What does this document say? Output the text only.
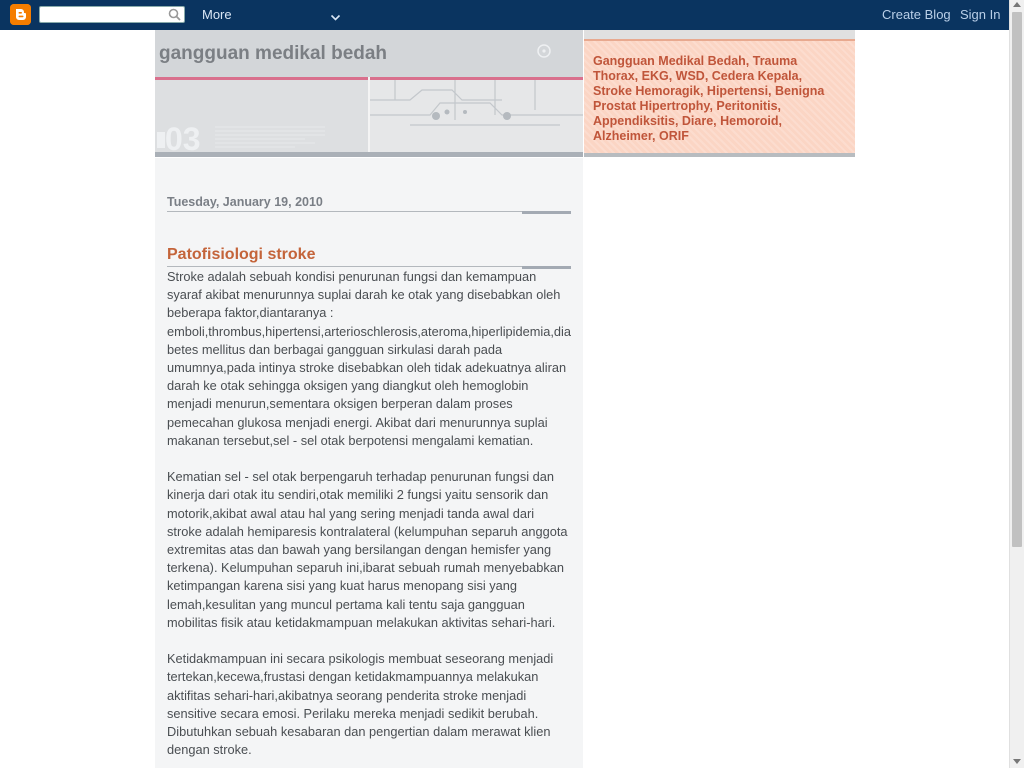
More	Create Blog Sign In
03
gangguan medikal bedah	Gangguan Medikal Bedah, Trauma Thorax, EKG, WSD, Cedera Kepala, Stroke Hemoragik, Hipertensi, Benigna Prostat Hipertrophy, Peritonitis, Appendiksitis, Diare, Hemoroid, Alzheimer, ORIF
Tuesday, January 19, 2010
Patofisiologi stroke

Stroke adalah sebuah kondisi penurunan fungsi dan kemampuan syaraf akibat menurunnya suplai darah ke otak yang disebabkan oleh beberapa faktor,diantaranya : emboli,thrombus,hipertensi,arterioschlerosis,ateroma,hiperlipidemia,diabetes mellitus dan berbagai gangguan sirkulasi darah pada umumnya,pada intinya stroke disebabkan oleh tidak adekuatnya aliran darah ke otak sehingga oksigen yang diangkut oleh hemoglobin menjadi menurun,sementara oksigen berperan dalam proses pemecahan glukosa menjadi energi. Akibat dari menurunnya suplai makanan tersebut,sel - sel otak berpotensi mengalami kematian.

Kematian sel - sel otak berpengaruh terhadap penurunan fungsi dan kinerja dari otak itu sendiri,otak memiliki 2 fungsi yaitu sensorik dan motorik,akibat awal atau hal yang sering menjadi tanda awal dari stroke adalah hemiparesis kontralateral (kelumpuhan separuh anggota extremitas atas dan bawah yang bersilangan dengan hemisfer yang terkena). Kelumpuhan separuh ini,ibarat sebuah rumah menyebabkan ketimpangan karena sisi yang kuat harus menopang sisi yang lemah,kesulitan yang muncul pertama kali tentu saja gangguan mobilitas fisik atau ketidakmampuan melakukan aktivitas sehari-hari.

Ketidakmampuan ini secara psikologis membuat seseorang menjadi tertekan,kecewa,frustasi dengan ketidakmampuannya melakukan aktifitas sehari-hari,akibatnya seorang penderita stroke menjadi sensitive secara emosi. Perilaku mereka menjadi sedikit berubah. Dibutuhkan sebuah kesabaran dan pengertian dalam merawat klien dengan stroke.
